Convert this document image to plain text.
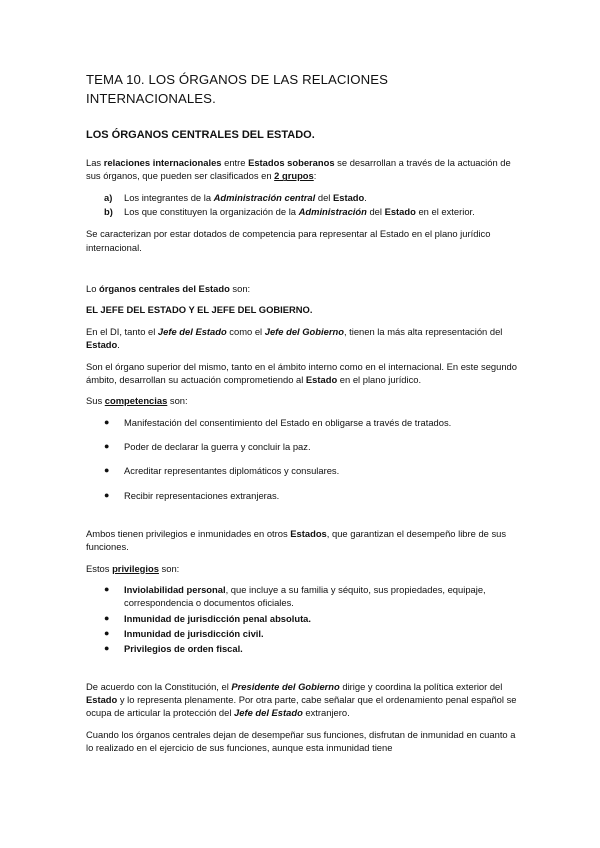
TEMA 10. LOS ÓRGANOS DE LAS RELACIONES INTERNACIONALES.
LOS ÓRGANOS CENTRALES DEL ESTADO.

Las relaciones internacionales entre Estados soberanos se desarrollan a través de la actuación de sus órganos, que pueden ser clasificados en 2 grupos:

a) Los integrantes de la Administración central del Estado.
b) Los que constituyen la organización de la Administración del Estado en el exterior.

Se caracterizan por estar dotados de competencia para representar al Estado en el plano jurídico internacional.

Lo órganos centrales del Estado son:

EL JEFE DEL ESTADO Y EL JEFE DEL GOBIERNO.

En el DI, tanto el Jefe del Estado como el Jefe del Gobierno, tienen la más alta representación del Estado.

Son el órgano superior del mismo, tanto en el ámbito interno como en el internacional. En este segundo ámbito, desarrollan su actuación comprometiendo al Estado en el plano jurídico.

Sus competencias son:

● Manifestación del consentimiento del Estado en obligarse a través de tratados.
● Poder de declarar la guerra y concluir la paz.
● Acreditar representantes diplomáticos y consulares.
● Recibir representaciones extranjeras.

Ambos tienen privilegios e inmunidades en otros Estados, que garantizan el desempeño libre de sus funciones.

Estos privilegios son:

● Inviolabilidad personal, que incluye a su familia y séquito, sus propiedades, equipaje, correspondencia o documentos oficiales.
● Inmunidad de jurisdicción penal absoluta.
● Inmunidad de jurisdicción civil.
● Privilegios de orden fiscal.

De acuerdo con la Constitución, el Presidente del Gobierno dirige y coordina la política exterior del Estado y lo representa plenamente. Por otra parte, cabe señalar que el ordenamiento penal español se ocupa de articular la protección del Jefe del Estado extranjero.

Cuando los órganos centrales dejan de desempeñar sus funciones, disfrutan de inmunidad en cuanto a lo realizado en el ejercicio de sus funciones, aunque esta inmunidad tiene
